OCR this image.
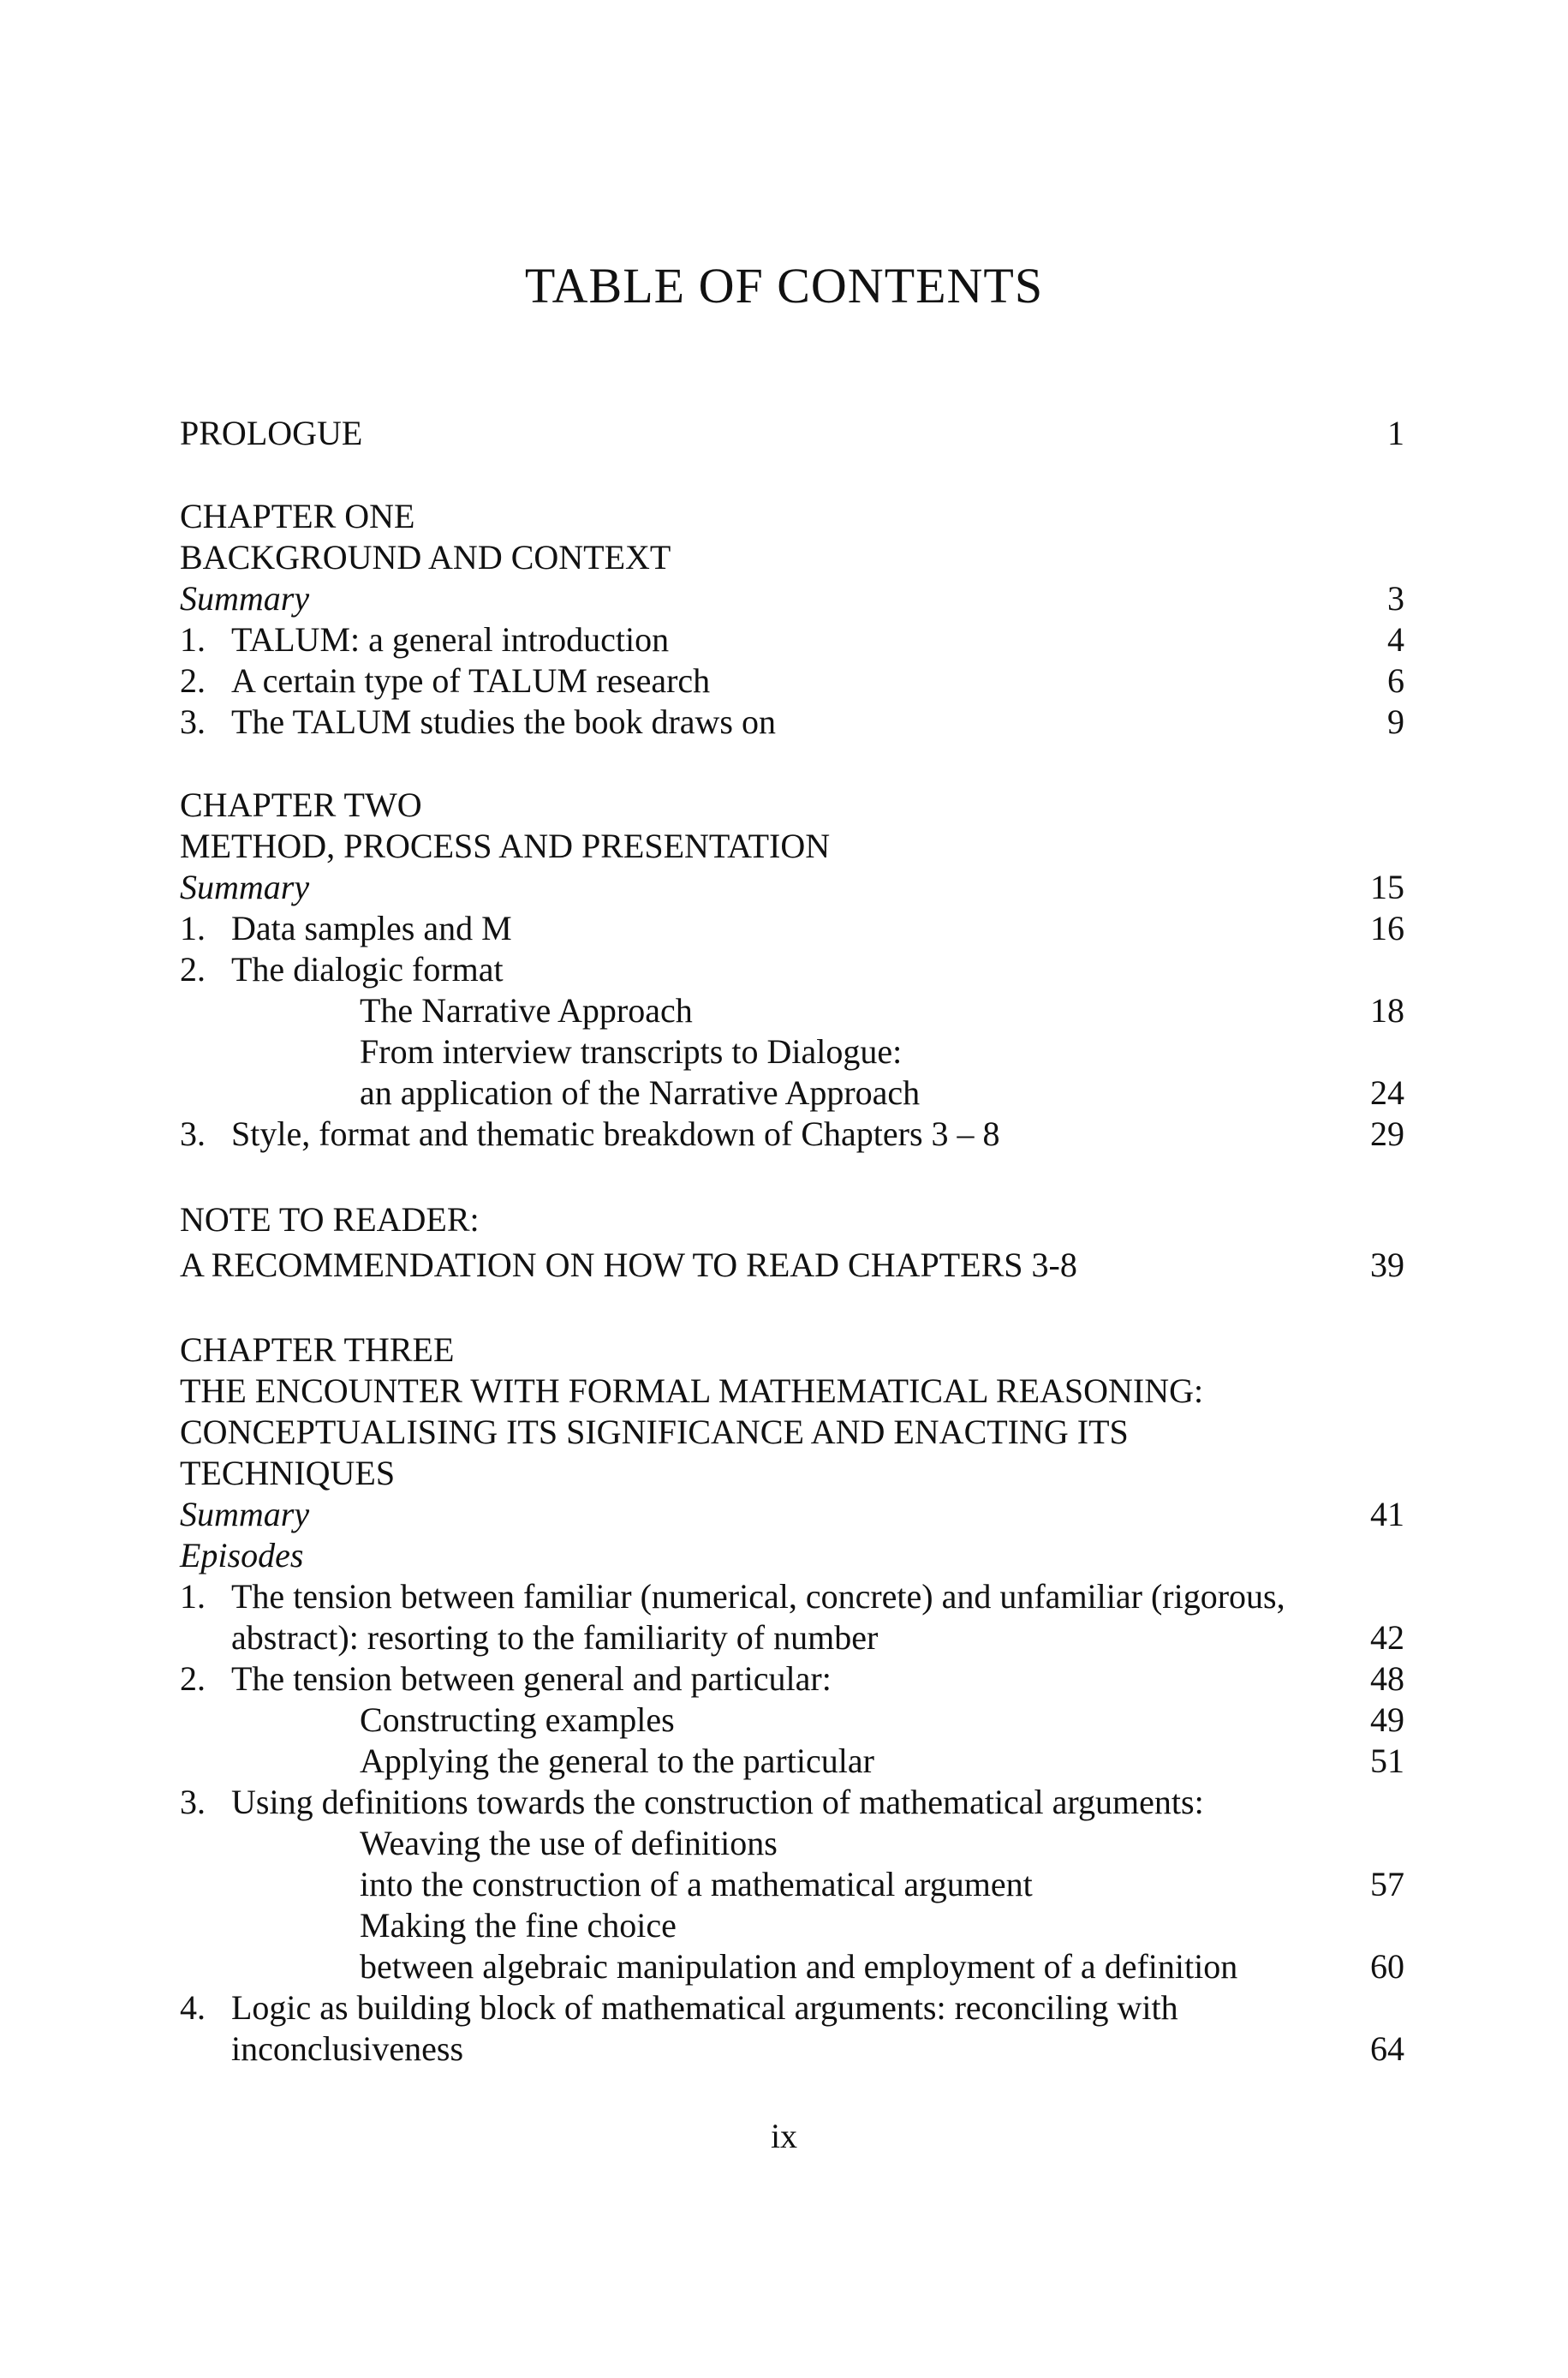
TABLE OF CONTENTS
PROLOGUE	1
CHAPTER ONE
BACKGROUND AND CONTEXT
Summary	3
1. TALUM: a general introduction	4
2. A certain type of TALUM research	6
3. The TALUM studies the book draws on	9
CHAPTER TWO
METHOD, PROCESS AND PRESENTATION
Summary	15
1. Data samples and M	16
2. The dialogic format
The Narrative Approach	18
From interview transcripts to Dialogue:
an application of the Narrative Approach	24
3. Style, format and thematic breakdown of Chapters 3 – 8	29
NOTE TO READER:
A RECOMMENDATION ON HOW TO READ CHAPTERS 3-8	39
CHAPTER THREE
THE ENCOUNTER WITH FORMAL MATHEMATICAL REASONING:
CONCEPTUALISING ITS SIGNIFICANCE AND ENACTING ITS
TECHNIQUES
Summary	41
Episodes
1. The tension between familiar (numerical, concrete) and unfamiliar (rigorous,
abstract): resorting to the familiarity of number	42
2. The tension between general and particular:	48
Constructing examples	49
Applying the general to the particular	51
3. Using definitions towards the construction of mathematical arguments:
Weaving the use of definitions
into the construction of a mathematical argument	57
Making the fine choice
between algebraic manipulation and employment of a definition	60
4. Logic as building block of mathematical arguments: reconciling with
inconclusiveness	64
ix
